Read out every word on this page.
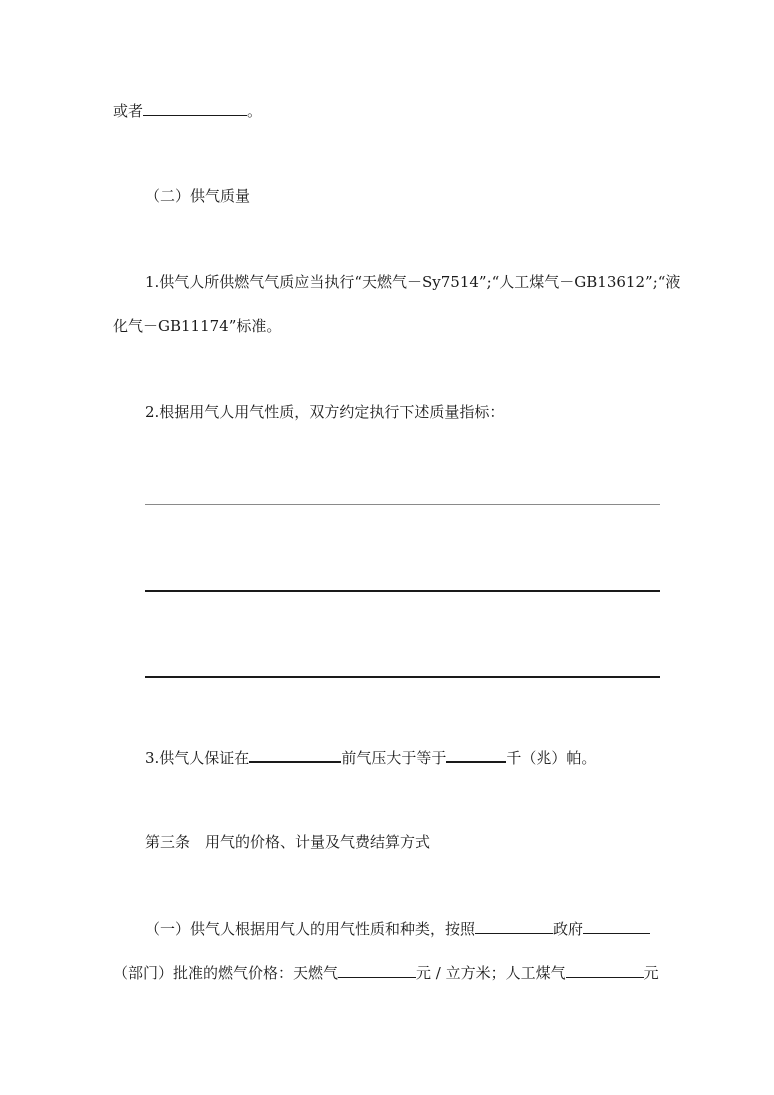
或者	。
（二）供气质量
1.供气人所供燃气气质应当执行“天燃气－Sy7514”;“人工煤气－GB13612”;“液
化气－GB11174”标准。
2.根据用气人用气性质，双方约定执行下述质量指标：
3.供气人保证在	前气压大于等于	千（兆）帕。
第三条　用气的价格、计量及气费结算方式
（一）供气人根据用气人的用气性质和种类，按照	政府
（部门）批准的燃气价格：天燃气	元 / 立方米；人工煤气	元
